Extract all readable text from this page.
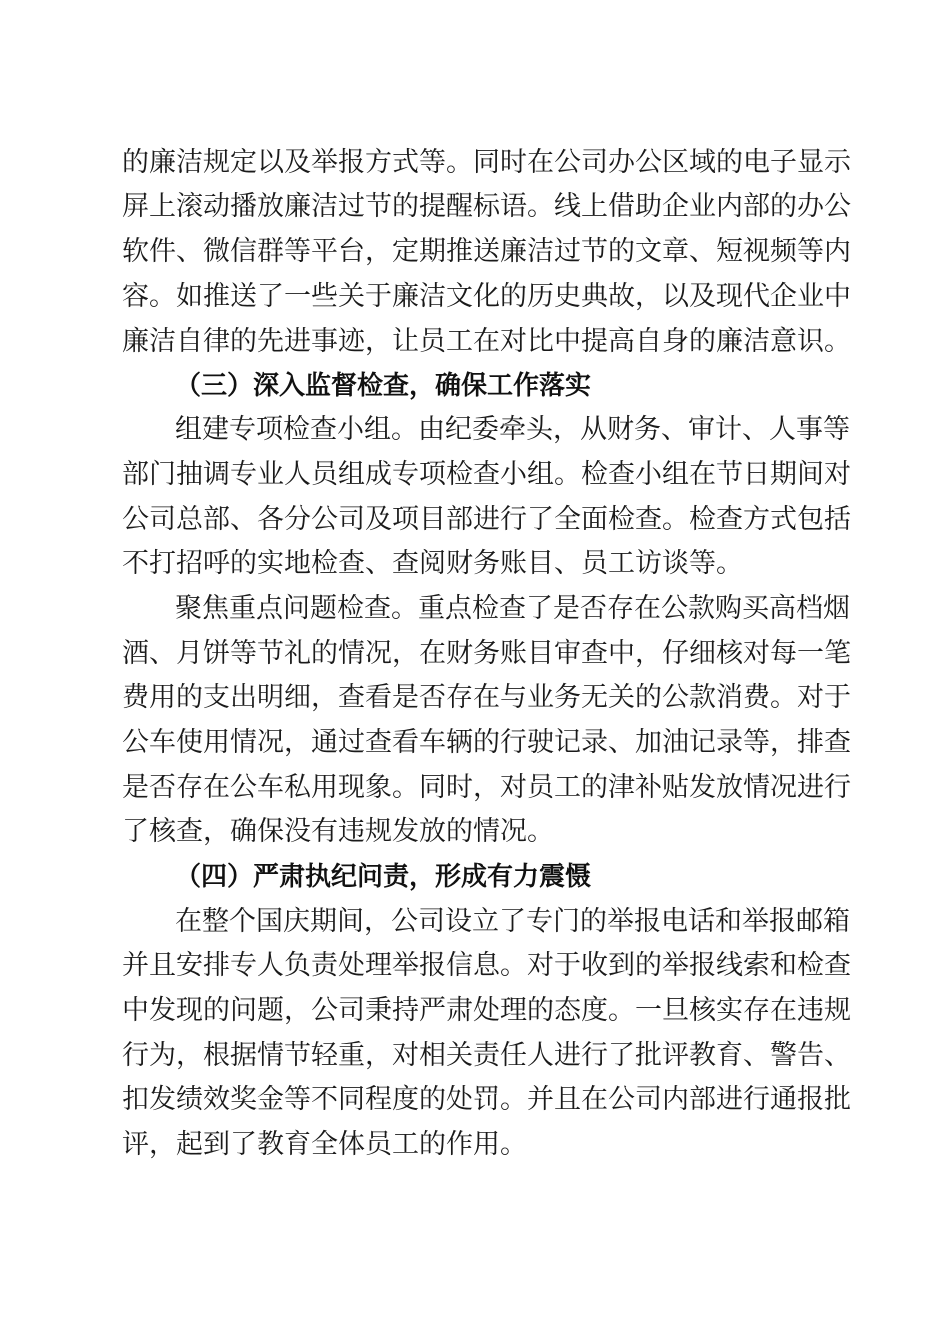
的廉洁规定以及举报方式等。同时在公司办公区域的电子显示
屏上滚动播放廉洁过节的提醒标语。线上借助企业内部的办公
软件、微信群等平台，定期推送廉洁过节的文章、短视频等内
容。如推送了一些关于廉洁文化的历史典故，以及现代企业中
廉洁自律的先进事迹，让员工在对比中提高自身的廉洁意识。
（三）深入监督检查，确保工作落实
组建专项检查小组。由纪委牵头，从财务、审计、人事等
部门抽调专业人员组成专项检查小组。检查小组在节日期间对
公司总部、各分公司及项目部进行了全面检查。检查方式包括
不打招呼的实地检查、查阅财务账目、员工访谈等。
聚焦重点问题检查。重点检查了是否存在公款购买高档烟
酒、月饼等节礼的情况，在财务账目审查中，仔细核对每一笔
费用的支出明细，查看是否存在与业务无关的公款消费。对于
公车使用情况，通过查看车辆的行驶记录、加油记录等，排查
是否存在公车私用现象。同时，对员工的津补贴发放情况进行
了核查，确保没有违规发放的情况。
（四）严肃执纪问责，形成有力震慑
在整个国庆期间，公司设立了专门的举报电话和举报邮箱
并且安排专人负责处理举报信息。对于收到的举报线索和检查
中发现的问题，公司秉持严肃处理的态度。一旦核实存在违规
行为，根据情节轻重，对相关责任人进行了批评教育、警告、
扣发绩效奖金等不同程度的处罚。并且在公司内部进行通报批
评，起到了教育全体员工的作用。
